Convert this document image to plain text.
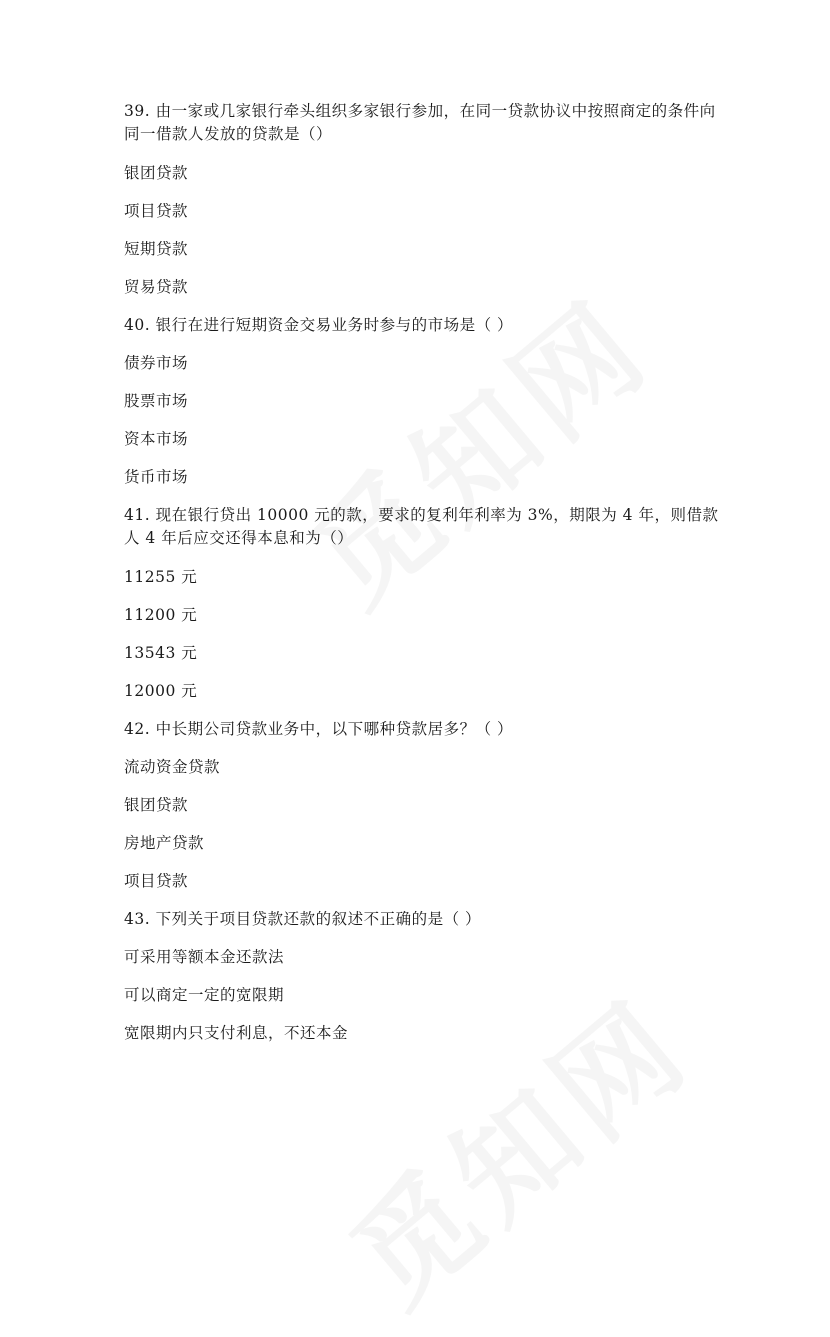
39. 由一家或几家银行牵头组织多家银行参加，在同一贷款协议中按照商定的条件向同一借款人发放的贷款是（）

银团贷款

项目贷款

短期贷款

贸易贷款

40. 银行在进行短期资金交易业务时参与的市场是（ ）

债券市场

股票市场

资本市场

货币市场

41. 现在银行贷出 10000 元的款，要求的复利年利率为 3%，期限为 4 年，则借款人 4 年后应交还得本息和为（）

11255 元

11200 元

13543 元

12000 元

42. 中长期公司贷款业务中，以下哪种贷款居多？（ ）

流动资金贷款

银团贷款

房地产贷款

项目贷款

43. 下列关于项目贷款还款的叙述不正确的是（ ）

可采用等额本金还款法

可以商定一定的宽限期

宽限期内只支付利息，不还本金
